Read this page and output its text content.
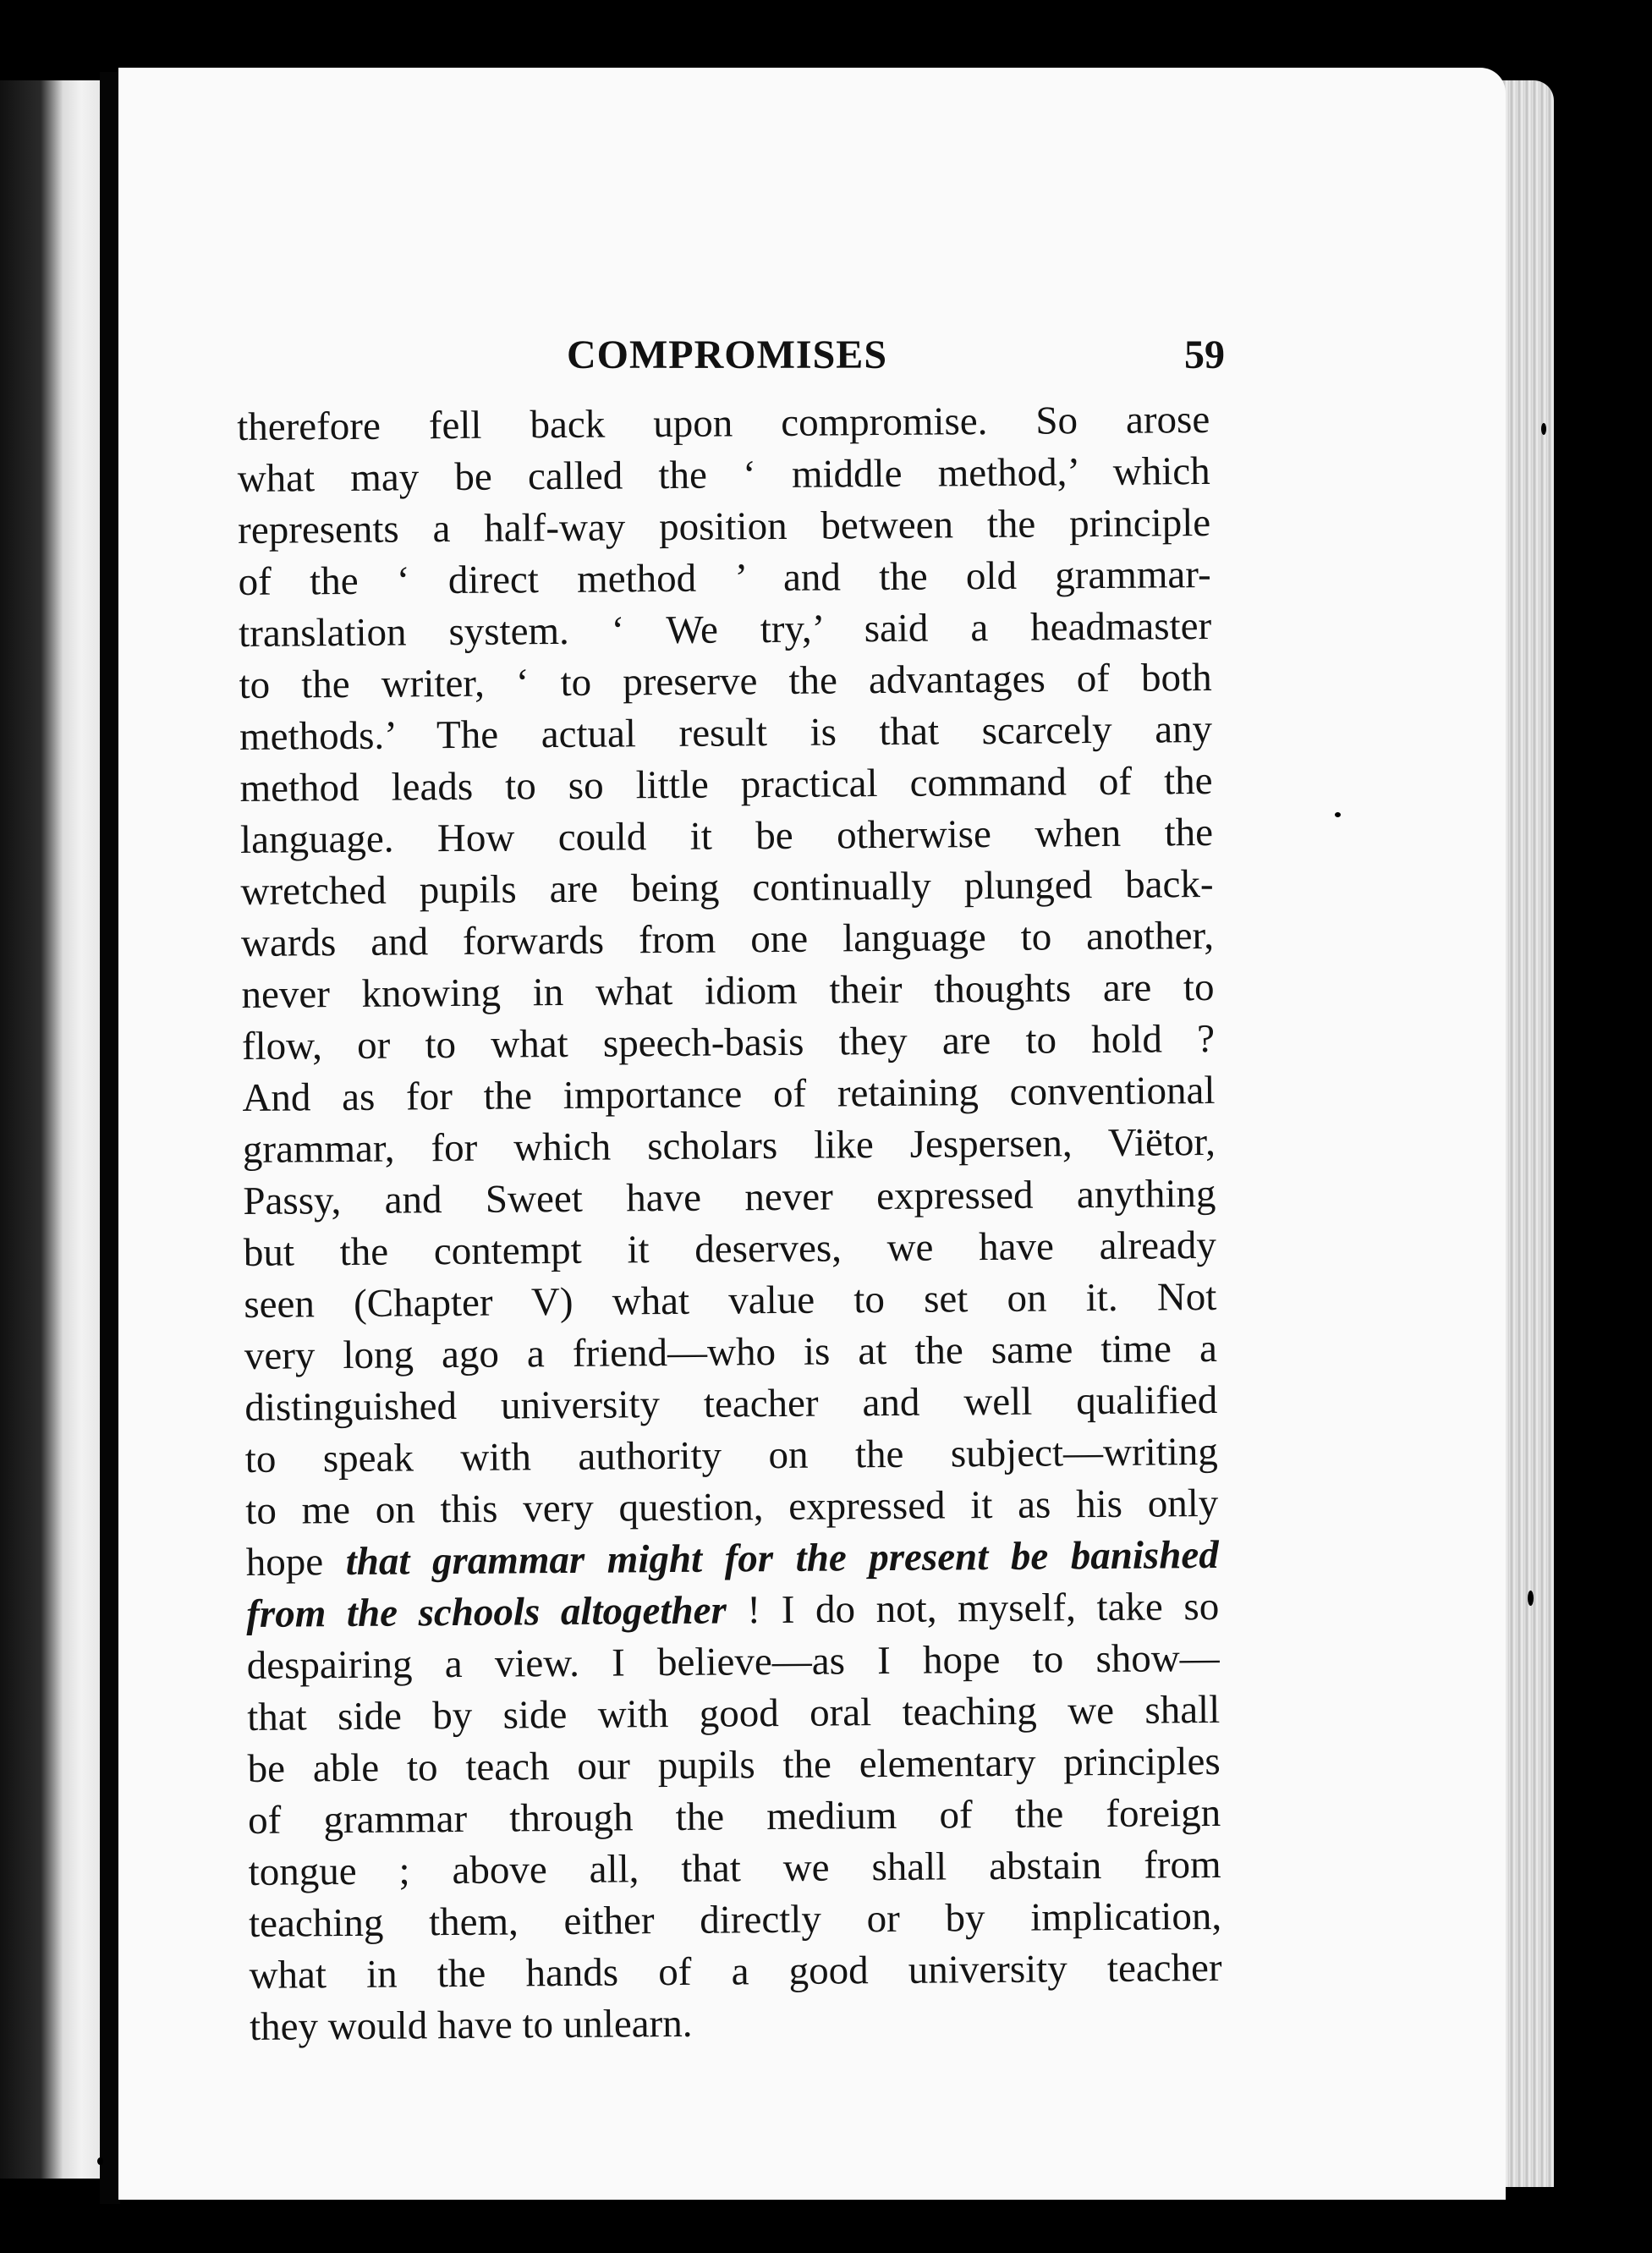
COMPROMISES	59
therefore fell back upon compromise. So arose
what may be called the ‘ middle method,’ which
represents a half-way position between the principle
of the ‘ direct method ’ and the old grammar-
translation system. ‘ We try,’ said a headmaster
to the writer, ‘ to preserve the advantages of both
methods.’ The actual result is that scarcely any
method leads to so little practical command of the
language. How could it be otherwise when the
wretched pupils are being continually plunged back-
wards and forwards from one language to another,
never knowing in what idiom their thoughts are to
flow, or to what speech-basis they are to hold ?
And as for the importance of retaining conventional
grammar, for which scholars like Jespersen, Viëtor,
Passy, and Sweet have never expressed anything
but the contempt it deserves, we have already
seen (Chapter V) what value to set on it. Not
very long ago a friend—who is at the same time a
distinguished university teacher and well qualified
to speak with authority on the subject—writing
to me on this very question, expressed it as his only
hope that grammar might for the present be banished
from the schools altogether ! I do not, myself, take so
despairing a view. I believe—as I hope to show—
that side by side with good oral teaching we shall
be able to teach our pupils the elementary principles
of grammar through the medium of the foreign
tongue ; above all, that we shall abstain from
teaching them, either directly or by implication,
what in the hands of a good university teacher
they would have to unlearn.
